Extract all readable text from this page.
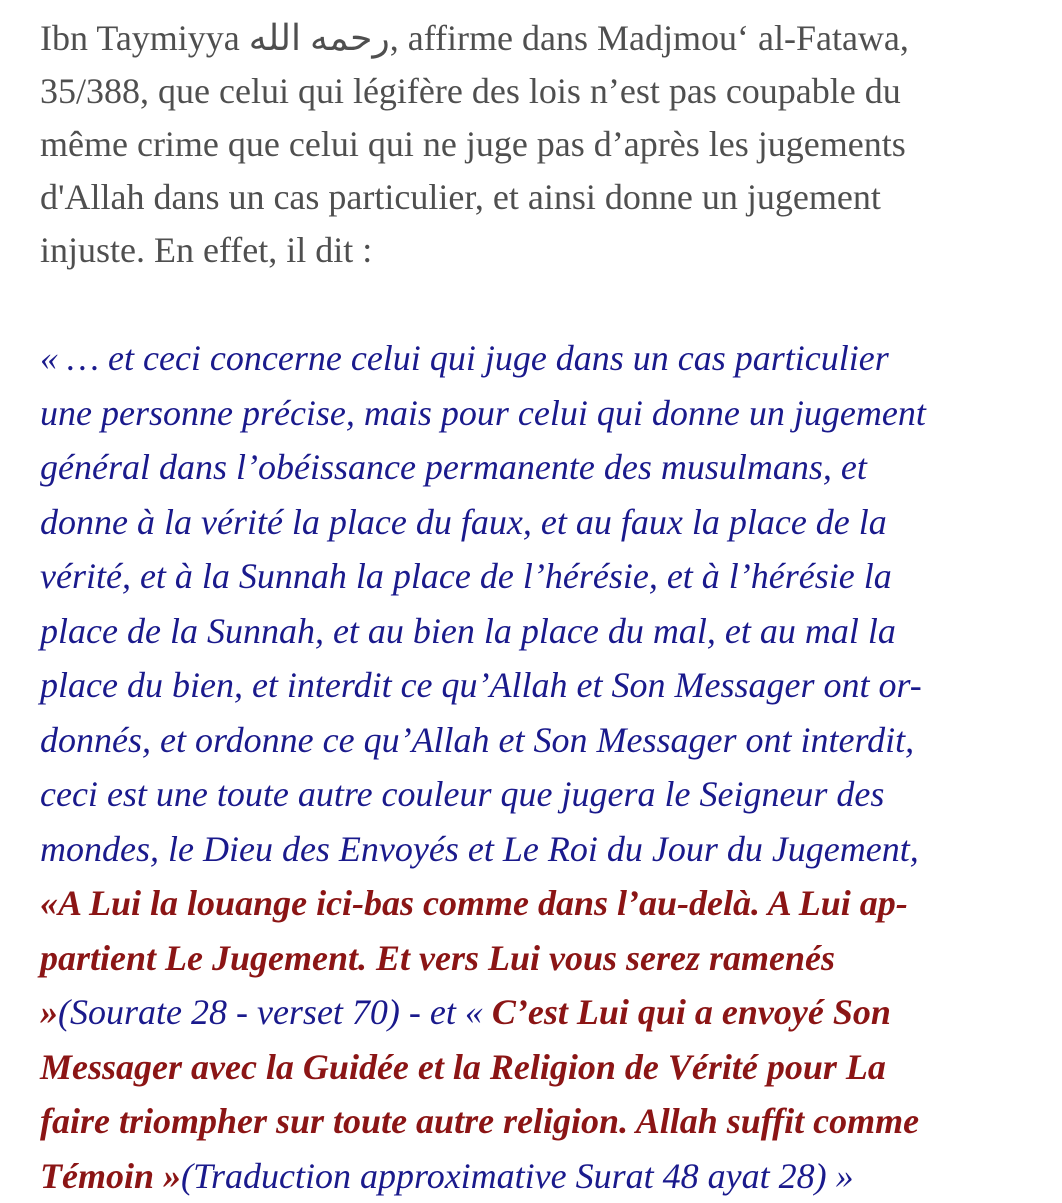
Ibn Taymiyya رحمه الله, affirme dans Madjmou‘ al-Fatawa,
35/388, que celui qui légifère des lois n’est pas coupable du
même crime que celui qui ne juge pas d’après les jugements
d'Allah dans un cas particulier, et ainsi donne un jugement
injuste. En effet, il dit :

« … et ceci concerne celui qui juge dans un cas particulier
une personne précise, mais pour celui qui donne un jugement
général dans l’obéissance permanente des musulmans, et
donne à la vérité la place du faux, et au faux la place de la
vérité, et à la Sunnah la place de l’hérésie, et à l’hérésie la
place de la Sunnah, et au bien la place du mal, et au mal la
place du bien, et interdit ce qu’Allah et Son Messager ont or-
donnés, et ordonne ce qu’Allah et Son Messager ont interdit,
ceci est une toute autre couleur que jugera le Seigneur des
mondes, le Dieu des Envoyés et Le Roi du Jour du Jugement,
«A Lui la louange ici-bas comme dans l’au-delà. A Lui ap-
partient Le Jugement. Et vers Lui vous serez ramenés
»(Sourate 28 - verset 70) - et « C’est Lui qui a envoyé Son
Messager avec la Guidée et la Religion de Vérité pour La
faire triompher sur toute autre religion. Allah suffit comme
Témoin »(Traduction approximative Surat 48 ayat 28) »
